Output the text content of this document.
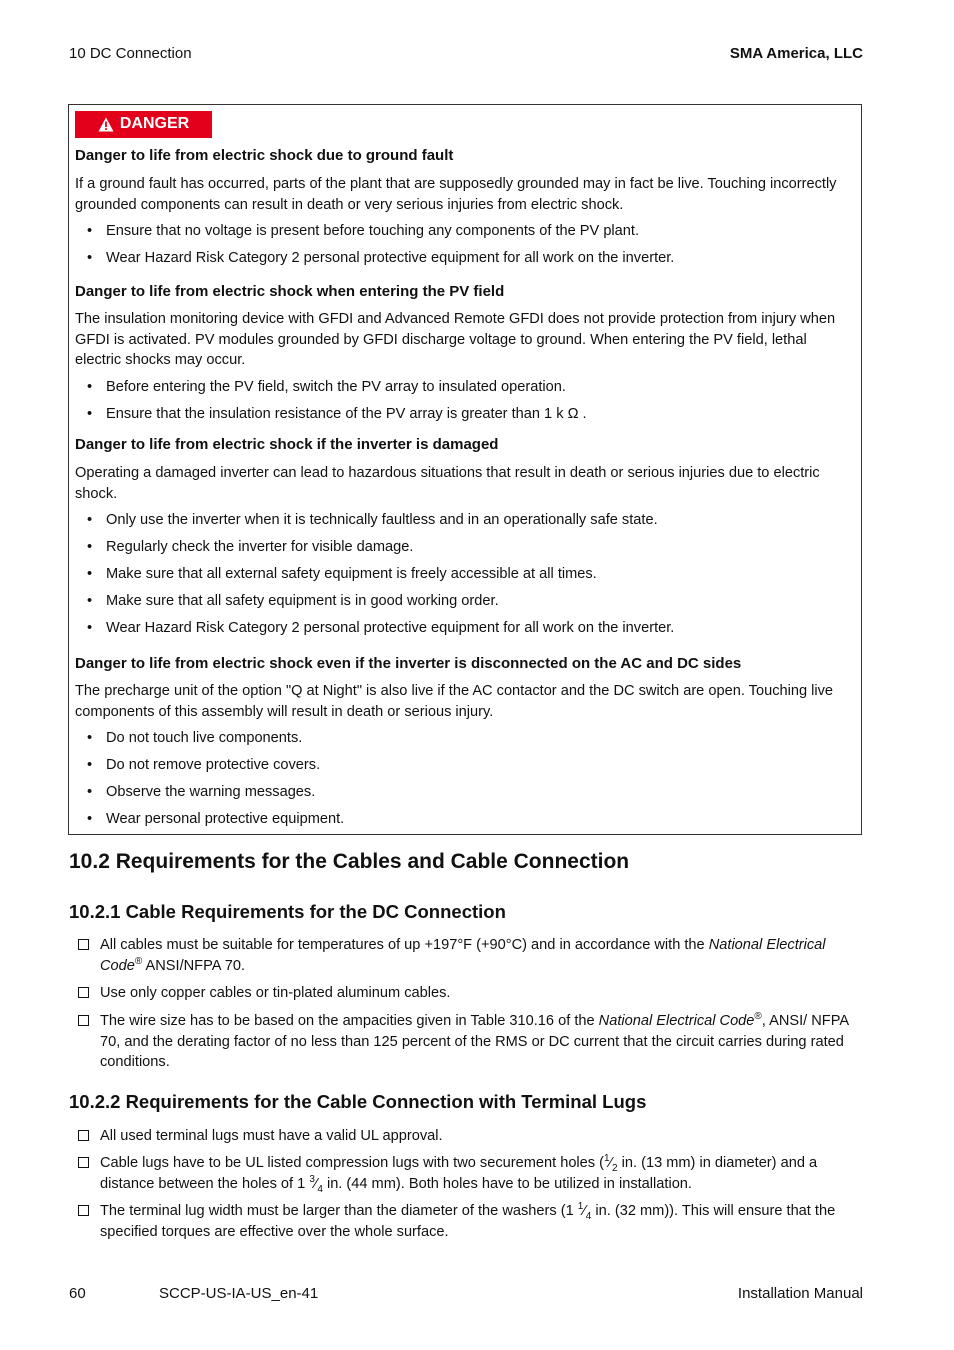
10 DC Connection	SMA America, LLC
DANGER
Danger to life from electric shock due to ground fault

If a ground fault has occurred, parts of the plant that are supposedly grounded may in fact be live. Touching incorrectly grounded components can result in death or very serious injuries from electric shock.

• Ensure that no voltage is present before touching any components of the PV plant.
• Wear Hazard Risk Category 2 personal protective equipment for all work on the inverter.
Danger to life from electric shock when entering the PV field

The insulation monitoring device with GFDI and Advanced Remote GFDI does not provide protection from injury when GFDI is activated. PV modules grounded by GFDI discharge voltage to ground. When entering the PV field, lethal electric shocks may occur.

• Before entering the PV field, switch the PV array to insulated operation.
• Ensure that the insulation resistance of the PV array is greater than 1 k Ω .
Danger to life from electric shock if the inverter is damaged

Operating a damaged inverter can lead to hazardous situations that result in death or serious injuries due to electric shock.

• Only use the inverter when it is technically faultless and in an operationally safe state.
• Regularly check the inverter for visible damage.
• Make sure that all external safety equipment is freely accessible at all times.
• Make sure that all safety equipment is in good working order.
• Wear Hazard Risk Category 2 personal protective equipment for all work on the inverter.
Danger to life from electric shock even if the inverter is disconnected on the AC and DC sides

The precharge unit of the option "Q at Night" is also live if the AC contactor and the DC switch are open. Touching live components of this assembly will result in death or serious injury.

• Do not touch live components.
• Do not remove protective covers.
• Observe the warning messages.
• Wear personal protective equipment.
10.2 Requirements for the Cables and Cable Connection
10.2.1 Cable Requirements for the DC Connection
All cables must be suitable for temperatures of up +197°F (+90°C) and in accordance with the National Electrical Code® ANSI/NFPA 70.
Use only copper cables or tin-plated aluminum cables.
The wire size has to be based on the ampacities given in Table 310.16 of the National Electrical Code®, ANSI/ NFPA 70, and the derating factor of no less than 125 percent of the RMS or DC current that the circuit carries during rated conditions.
10.2.2 Requirements for the Cable Connection with Terminal Lugs
All used terminal lugs must have a valid UL approval.
Cable lugs have to be UL listed compression lugs with two securement holes ($^1⁄_2$ in. (13 mm) in diameter) and a distance between the holes of 1 $^3⁄_4$ in. (44 mm). Both holes have to be utilized in installation.
The terminal lug width must be larger than the diameter of the washers (1 $^1⁄_4$ in. (32 mm)). This will ensure that the specified torques are effective over the whole surface.
60	SCCP-US-IA-US_en-41	Installation Manual
